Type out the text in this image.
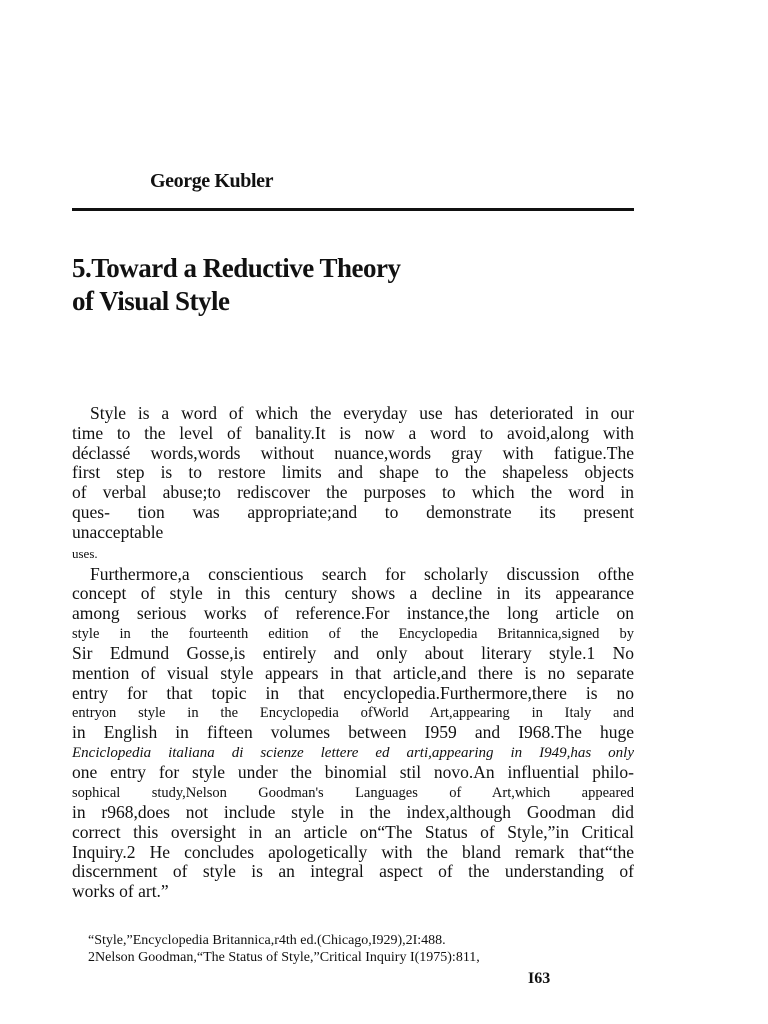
George Kubler
5.Toward a Reductive Theory
of Visual Style
Style is a word of which the everyday use has deteriorated in our
time to the level of banality.It is now a word to avoid,along with
déclassé words,words without nuance,words gray with fatigue.The
first step is to restore limits and shape to the shapeless objects
of verbal abuse;to rediscover the purposes to which the word in
ques- tion was appropriate;and to demonstrate its present
unacceptable
uses.
Furthermore,a conscientious search for scholarly discussion ofthe
concept of style in this century shows a decline in its appearance
among serious works of reference.For instance,the long article on
style in the fourteenth edition of the Encyclopedia Britannica,signed by
Sir Edmund Gosse,is entirely and only about literary style.1 No
mention of visual style appears in that article,and there is no separate
entry for that topic in that encyclopedia.Furthermore,there is no
entryon style in the Encyclopedia ofWorld Art,appearing in Italy and
in English in fifteen volumes between I959 and I968.The huge
Enciclopedia italiana di scienze lettere ed arti,appearing in I949,has only
one entry for style under the binomial stil novo.An influential philo-
sophical study,Nelson Goodman's Languages of Art,which appeared
in r968,does not include style in the index,although Goodman did
correct this oversight in an article on“The Status of Style,”in Critical
Inquiry.2 He concludes apologetically with the bland remark that“the
discernment of style is an integral aspect of the understanding of
works of art.”
“Style,”Encyclopedia Britannica,r4th ed.(Chicago,I929),2I:488.
2Nelson Goodman,“The Status of Style,”Critical Inquiry I(1975):811,
I63
